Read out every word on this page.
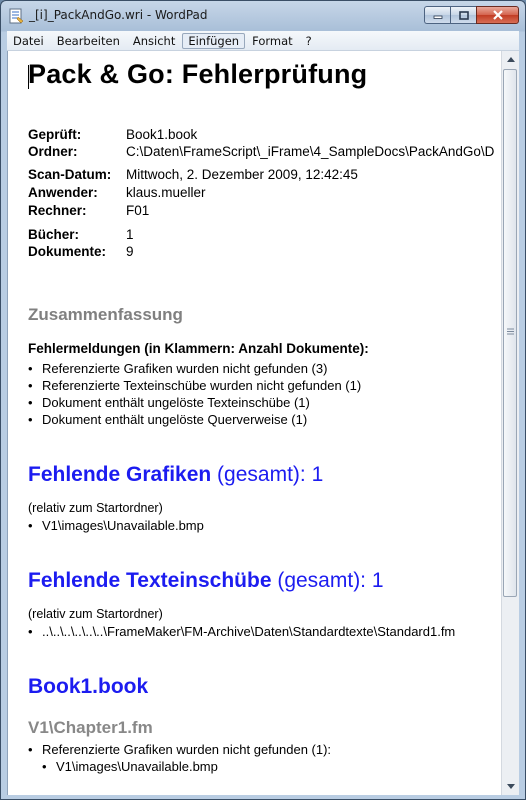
_[i]_PackAndGo.wri - WordPad
Datei	Bearbeiten	Ansicht	Einfügen	Format	?
Pack & Go: Fehlerprüfung
Geprüft:	Book1.book
Ordner:	C:\Daten\FrameScript\_iFrame\4_SampleDocs\PackAndGo\D
Scan-Datum: Mittwoch, 2. Dezember 2009, 12:42:45
Anwender: klaus.mueller
Rechner:	F01
Bücher:	1
Dokumente: 9
Zusammenfassung
Fehlermeldungen (in Klammern: Anzahl Dokumente):
• Referenzierte Grafiken wurden nicht gefunden (3)
• Referenzierte Texteinschübe wurden nicht gefunden (1)
• Dokument enthält ungelöste Texteinschübe (1)
• Dokument enthält ungelöste Querverweise (1)
Fehlende Grafiken (gesamt): 1
(relativ zum Startordner)
• V1\images\Unavailable.bmp
Fehlende Texteinschübe (gesamt): 1
(relativ zum Startordner)
• ..\..\..\..\..\..\FrameMaker\FM-Archive\Daten\Standardtexte\Standard1.fm
Book1.book
V1\Chapter1.fm
• Referenzierte Grafiken wurden nicht gefunden (1):
• V1\images\Unavailable.bmp
